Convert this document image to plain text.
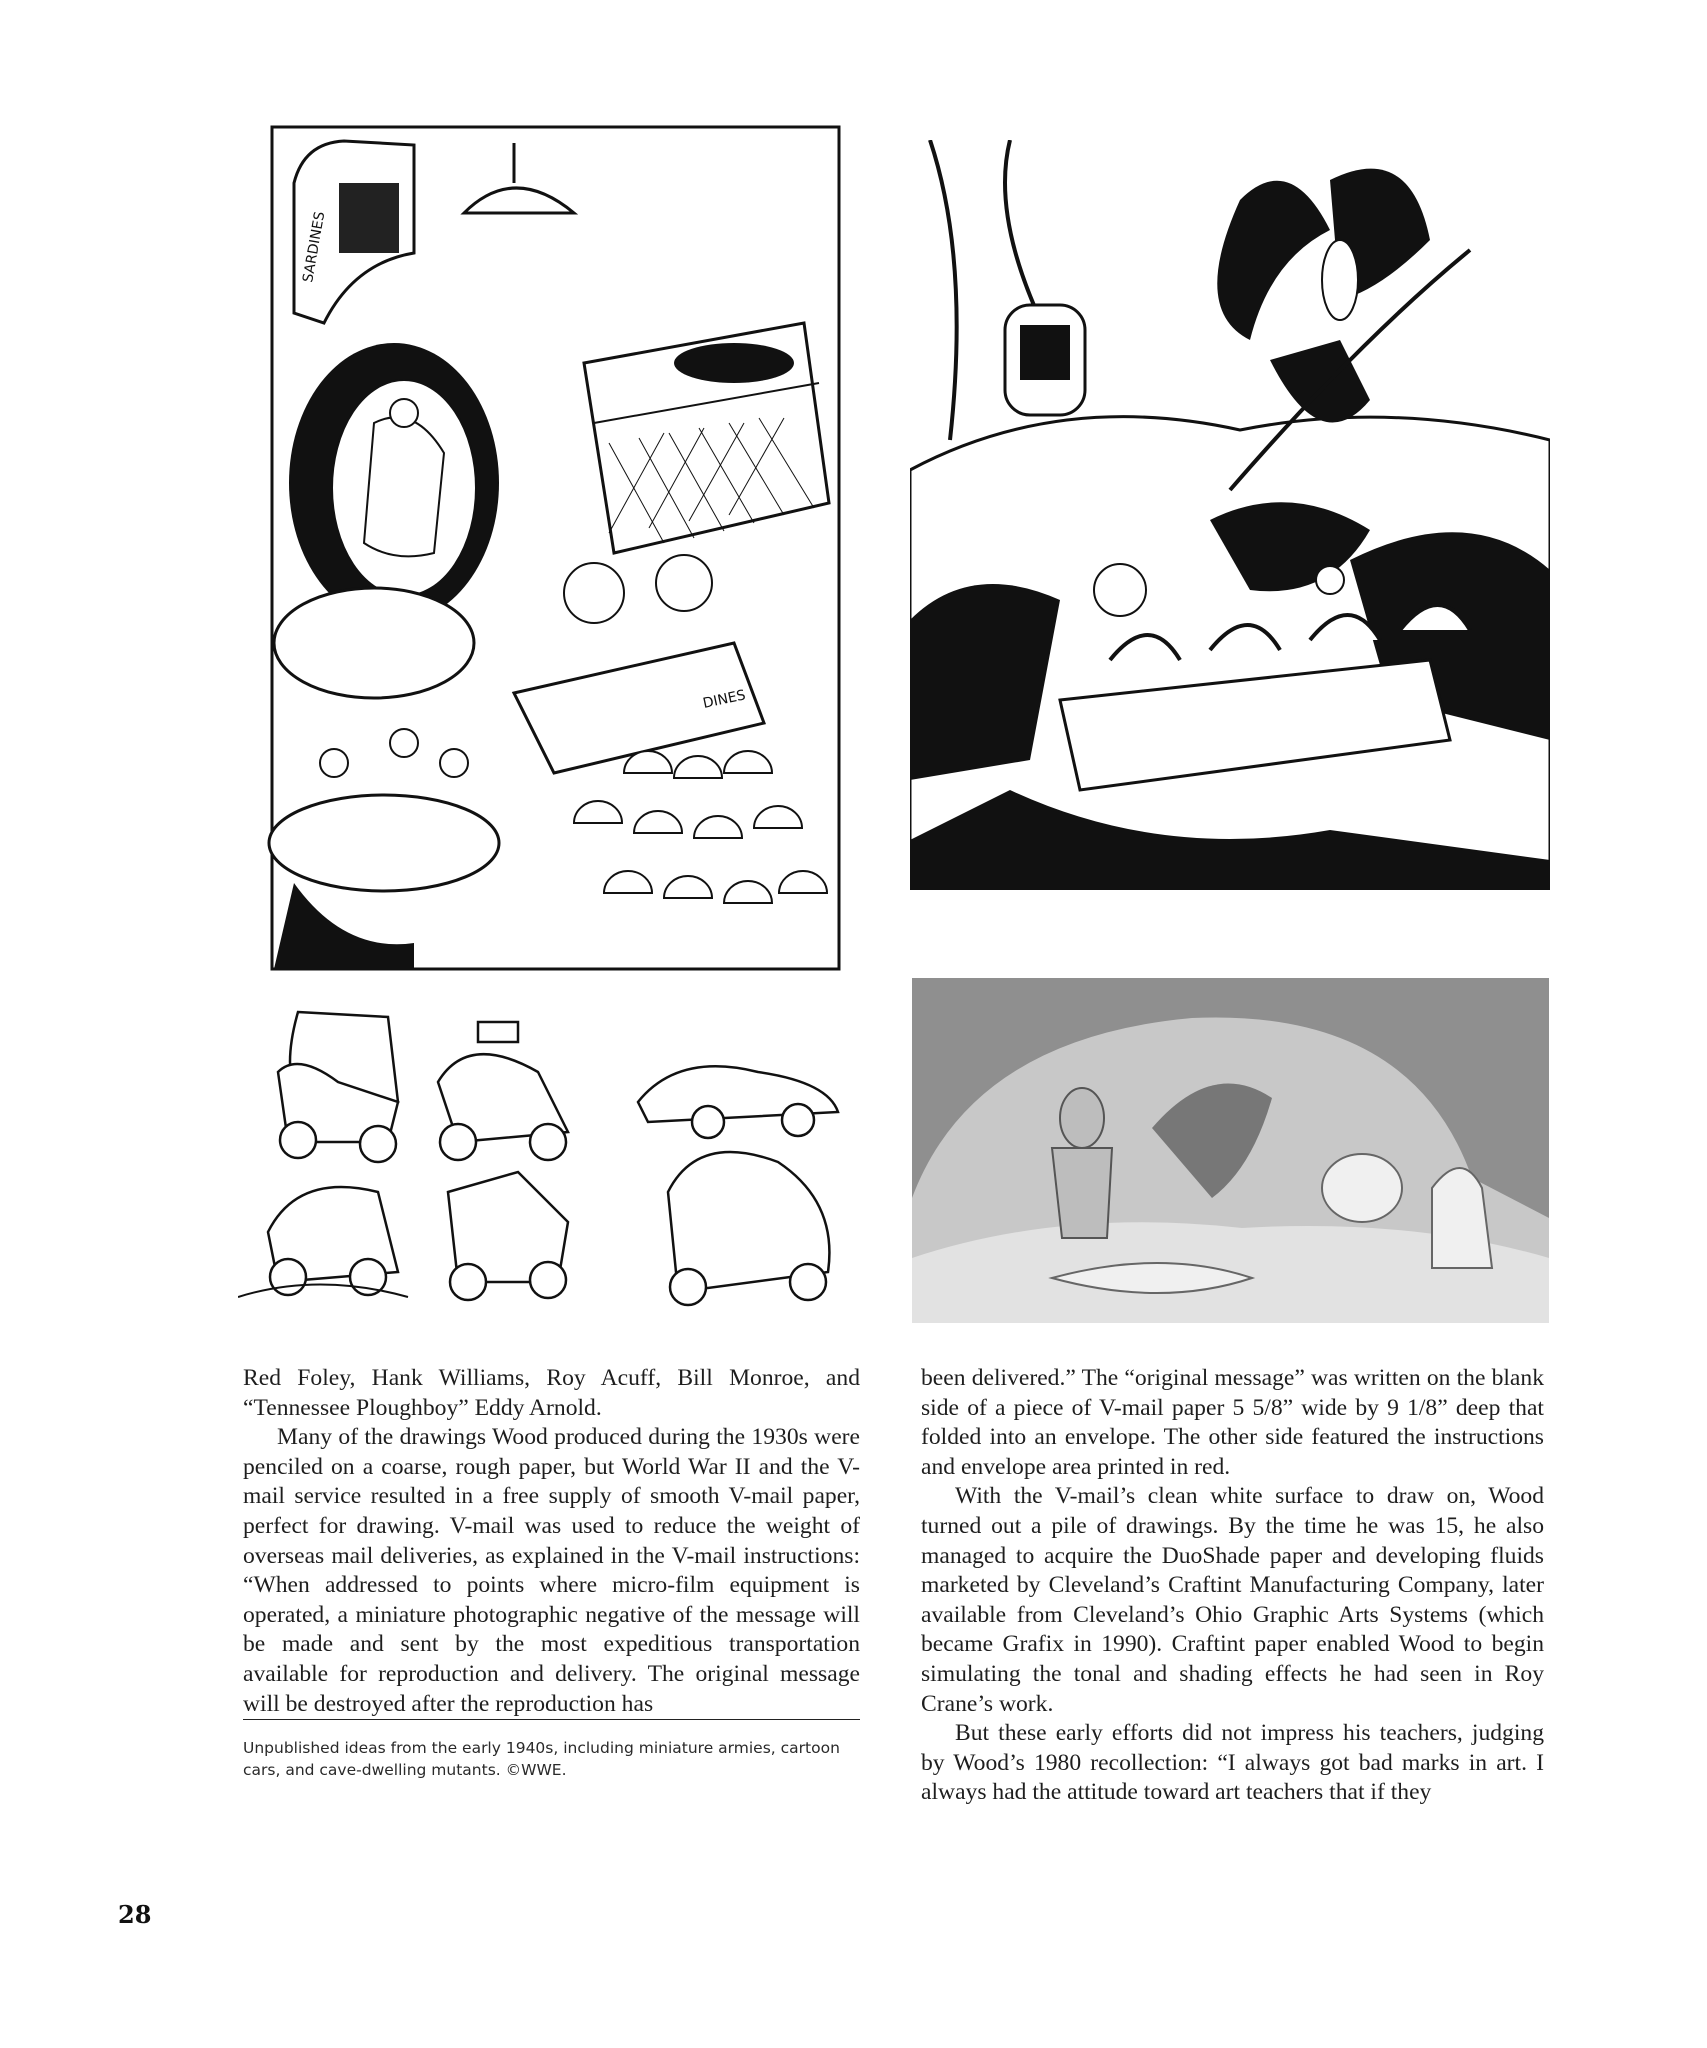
SARDINES
DINES

Red Foley, Hank Williams, Roy Acuff, Bill Monroe, and “Tennessee Ploughboy” Eddy Arnold.

Many of the drawings Wood produced during the 1930s were penciled on a coarse, rough paper, but World War II and the V-mail service resulted in a free supply of smooth V-mail paper, perfect for drawing. V-mail was used to reduce the weight of overseas mail deliveries, as explained in the V-mail instructions: “When addressed to points where micro-film equipment is operated, a miniature photographic negative of the message will be made and sent by the most expeditious transportation available for reproduction and delivery. The original message will be destroyed after the reproduction has

been delivered.” The “original message” was written on the blank side of a piece of V-mail paper 5 5/8” wide by 9 1/8” deep that folded into an envelope. The other side featured the instructions and envelope area printed in red.

With the V-mail’s clean white surface to draw on, Wood turned out a pile of drawings. By the time he was 15, he also managed to acquire the DuoShade paper and developing fluids marketed by Cleveland’s Craftint Manufacturing Company, later available from Cleveland’s Ohio Graphic Arts Systems (which became Grafix in 1990). Craftint paper enabled Wood to begin simulating the tonal and shading effects he had seen in Roy Crane’s work.

But these early efforts did not impress his teachers, judging by Wood’s 1980 recollection: “I always got bad marks in art. I always had the attitude toward art teachers that if they

Unpublished ideas from the early 1940s, including miniature armies, cartoon cars, and cave-dwelling mutants. ©WWE.
28
